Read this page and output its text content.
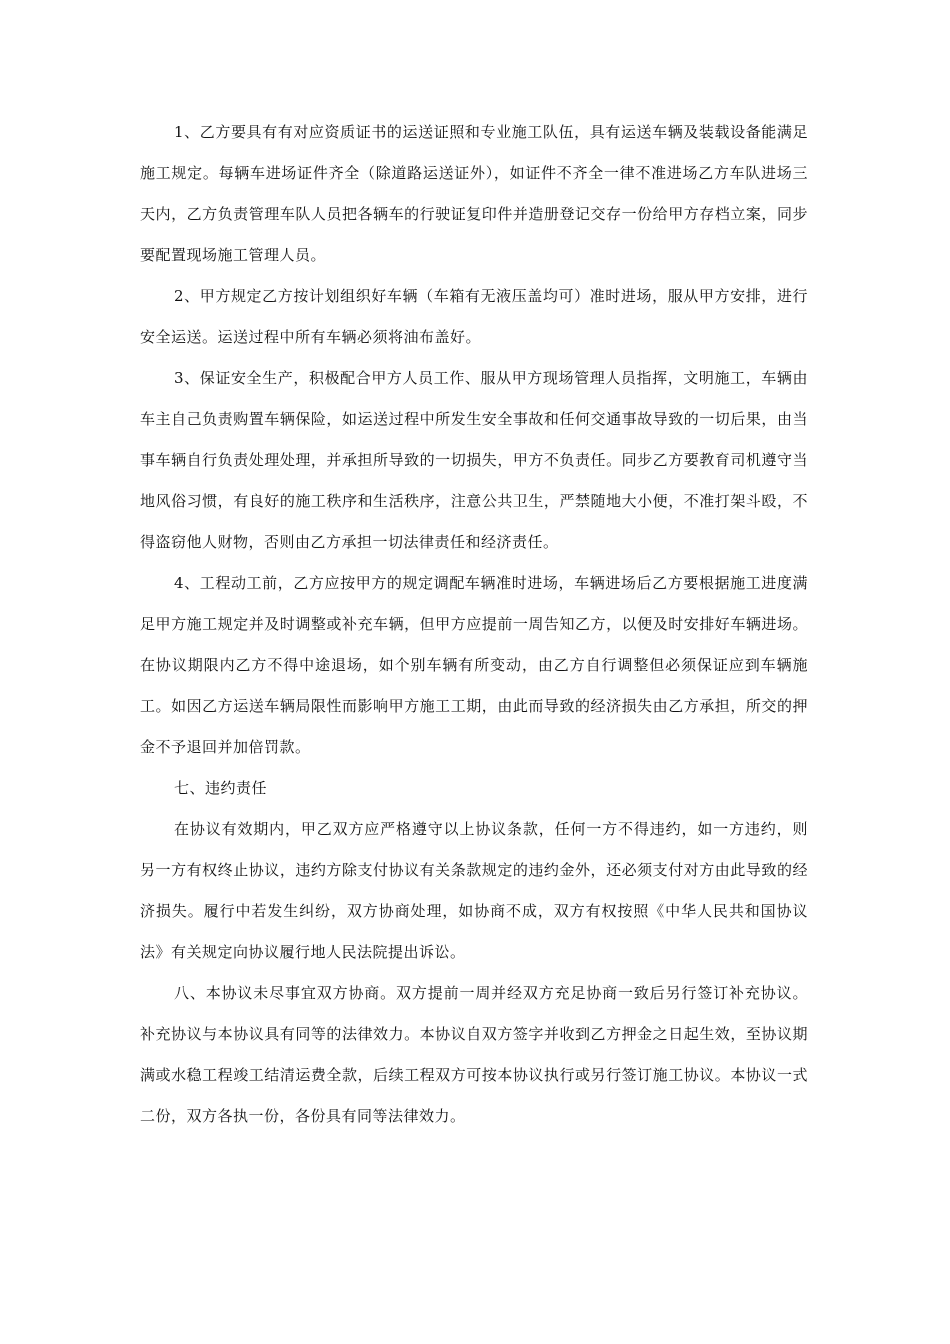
1、乙方要具有有对应资质证书的运送证照和专业施工队伍，具有运送车辆及装载设备能满足施工规定。每辆车进场证件齐全（除道路运送证外），如证件不齐全一律不准进场乙方车队进场三天内，乙方负责管理车队人员把各辆车的行驶证复印件并造册登记交存一份给甲方存档立案，同步要配置现场施工管理人员。

2、甲方规定乙方按计划组织好车辆（车箱有无液压盖均可）准时进场，服从甲方安排，进行安全运送。运送过程中所有车辆必须将油布盖好。

3、保证安全生产，积极配合甲方人员工作、服从甲方现场管理人员指挥，文明施工，车辆由车主自己负责购置车辆保险，如运送过程中所发生安全事故和任何交通事故导致的一切后果，由当事车辆自行负责处理处理，并承担所导致的一切损失，甲方不负责任。同步乙方要教育司机遵守当地风俗习惯，有良好的施工秩序和生活秩序，注意公共卫生，严禁随地大小便，不准打架斗殴，不得盗窃他人财物，否则由乙方承担一切法律责任和经济责任。

4、工程动工前，乙方应按甲方的规定调配车辆准时进场，车辆进场后乙方要根据施工进度满足甲方施工规定并及时调整或补充车辆，但甲方应提前一周告知乙方，以便及时安排好车辆进场。在协议期限内乙方不得中途退场，如个别车辆有所变动，由乙方自行调整但必须保证应到车辆施工。如因乙方运送车辆局限性而影响甲方施工工期，由此而导致的经济损失由乙方承担，所交的押金不予退回并加倍罚款。

七、违约责任

在协议有效期内，甲乙双方应严格遵守以上协议条款，任何一方不得违约，如一方违约，则另一方有权终止协议，违约方除支付协议有关条款规定的违约金外，还必须支付对方由此导致的经济损失。履行中若发生纠纷，双方协商处理，如协商不成，双方有权按照《中华人民共和国协议法》有关规定向协议履行地人民法院提出诉讼。

八、本协议未尽事宜双方协商。双方提前一周并经双方充足协商一致后另行签订补充协议。补充协议与本协议具有同等的法律效力。本协议自双方签字并收到乙方押金之日起生效，至协议期满或水稳工程竣工结清运费全款，后续工程双方可按本协议执行或另行签订施工协议。本协议一式二份，双方各执一份，各份具有同等法律效力。
